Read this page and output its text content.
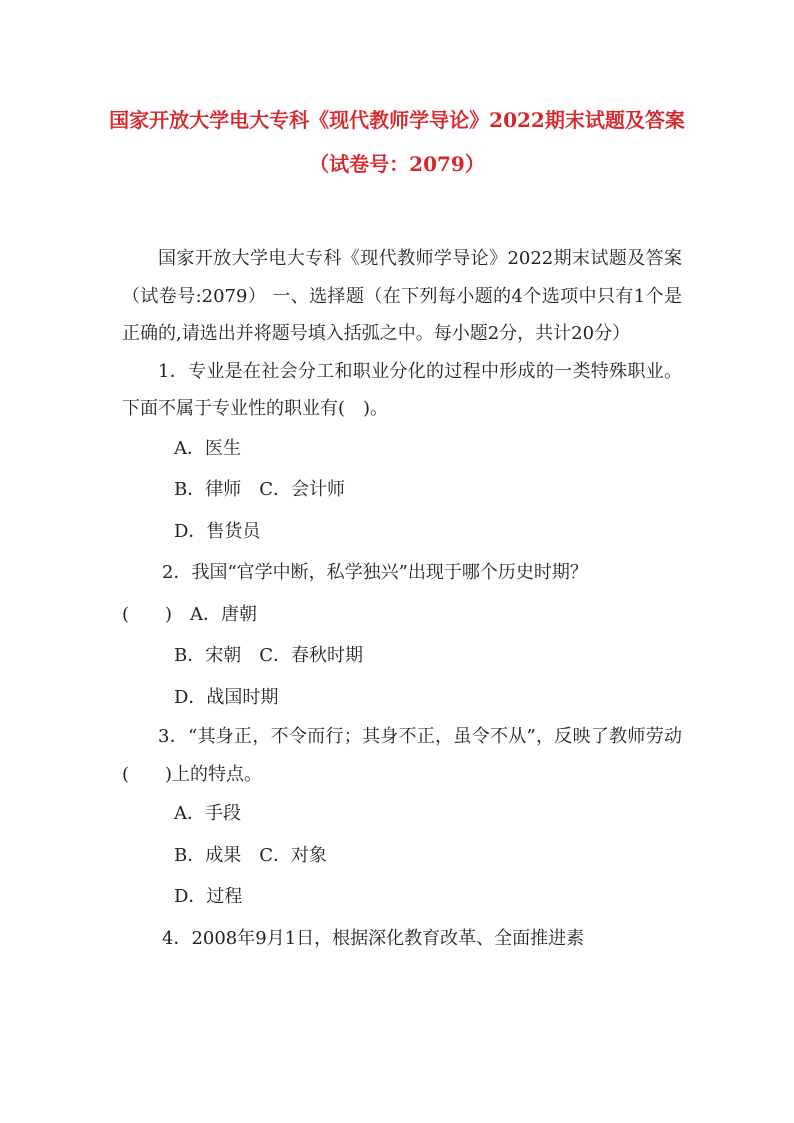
国家开放大学电大专科《现代教师学导论》2022期末试题及答案（试卷号：2079）

国家开放大学电大专科《现代教师学导论》2022期末试题及答案（试卷号:2079） 一、选择题（在下列每小题的4个选项中只有1个是正确的,请选出并将题号填入括弧之中。每小题2分，共计20分）

1．专业是在社会分工和职业分化的过程中形成的一类特殊职业。下面不属于专业性的职业有(　)。

A．医生

B．律师　C．会计师

D．售货员

2．我国“官学中断，私学独兴”出现于哪个历史时期？

(　　)　A．唐朝

B．宋朝　C．春秋时期

D．战国时期

3．“其身正，不令而行；其身不正，虽令不从”，反映了教师劳动(　　)上的特点。

A．手段

B．成果　C．对象

D．过程

4．2008年9月1日，根据深化教育改革、全面推进素
